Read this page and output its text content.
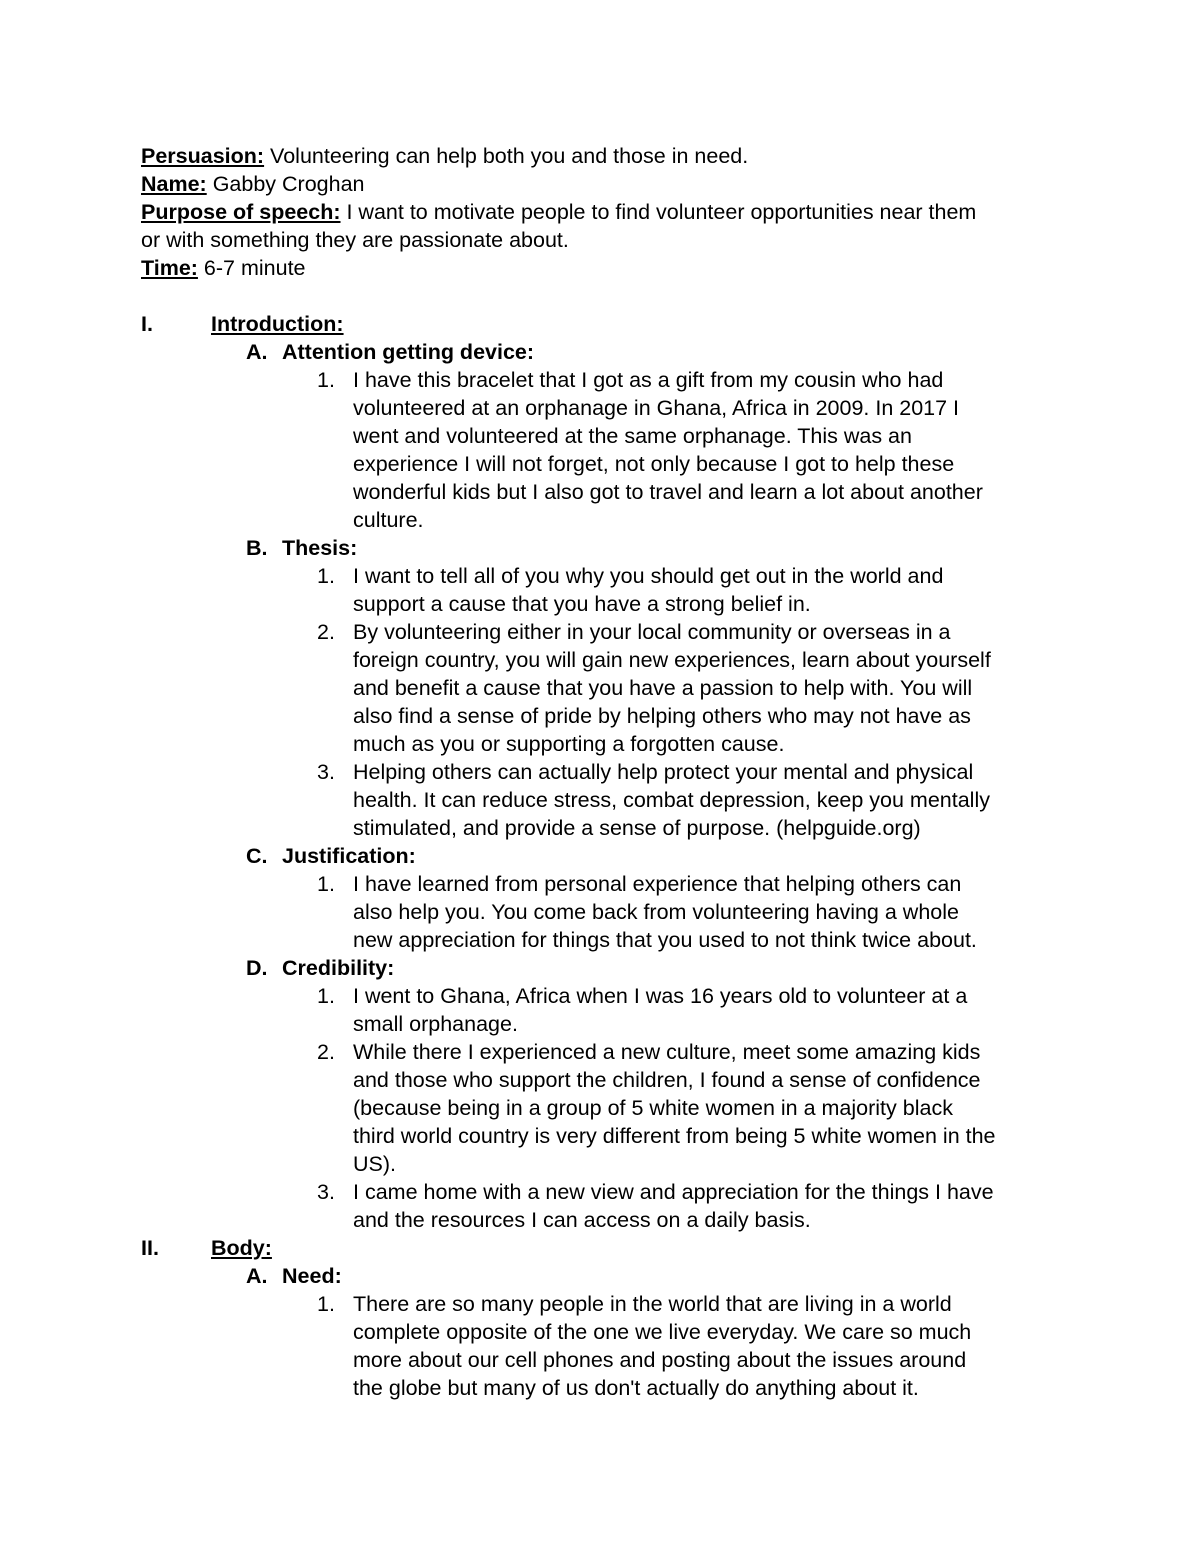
Persuasion: Volunteering can help both you and those in need.
Name: Gabby Croghan
Purpose of speech: I want to motivate people to find volunteer opportunities near them
or with something they are passionate about.
Time: 6-7 minute
I.	Introduction:
A. Attention getting device:
1. I have this bracelet that I got as a gift from my cousin who had
volunteered at an orphanage in Ghana, Africa in 2009. In 2017 I
went and volunteered at the same orphanage. This was an
experience I will not forget, not only because I got to help these
wonderful kids but I also got to travel and learn a lot about another
culture.
B. Thesis:
1. I want to tell all of you why you should get out in the world and
support a cause that you have a strong belief in.
2. By volunteering either in your local community or overseas in a
foreign country, you will gain new experiences, learn about yourself
and benefit a cause that you have a passion to help with. You will
also find a sense of pride by helping others who may not have as
much as you or supporting a forgotten cause.
3. Helping others can actually help protect your mental and physical
health. It can reduce stress, combat depression, keep you mentally
stimulated, and provide a sense of purpose. (helpguide.org)
C. Justification:
1. I have learned from personal experience that helping others can
also help you. You come back from volunteering having a whole
new appreciation for things that you used to not think twice about.
D. Credibility:
1. I went to Ghana, Africa when I was 16 years old to volunteer at a
small orphanage.
2. While there I experienced a new culture, meet some amazing kids
and those who support the children, I found a sense of confidence
(because being in a group of 5 white women in a majority black
third world country is very different from being 5 white women in the
US).
3. I came home with a new view and appreciation for the things I have
and the resources I can access on a daily basis.
II. Body:
A. Need:
1. There are so many people in the world that are living in a world
complete opposite of the one we live everyday. We care so much
more about our cell phones and posting about the issues around
the globe but many of us don't actually do anything about it.
